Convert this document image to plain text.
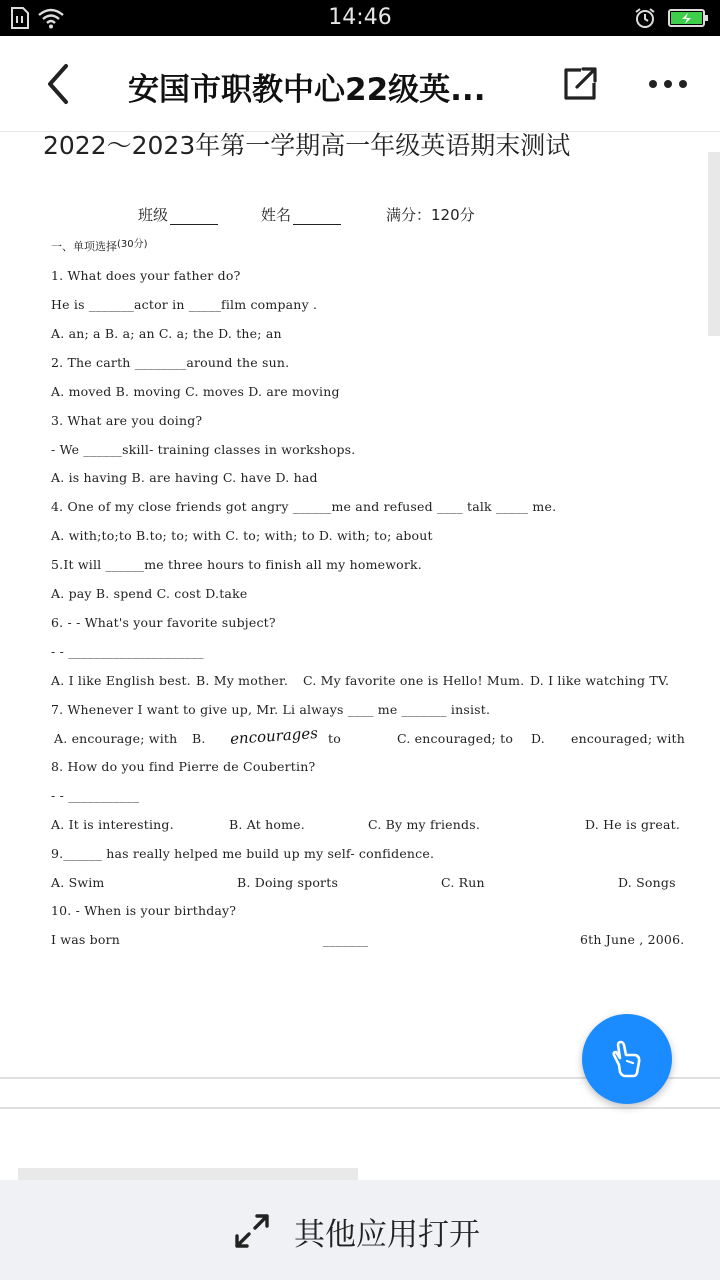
14:46
安国市职教中心22级英...
2022～2023年第一学期高一年级英语期末测试
班级	姓名	满分：120分
一、单项选择(30分)
1. What does your father do?
He is _______actor in _____film company .
A. an; a B. a; an C. a; the D. the; an
2. The carth ________around the sun.
A. moved B. moving C. moves D. are moving
3. What are you doing?
- We ______skill- training classes in workshops.
A. is having B. are having C. have D. had
4. One of my close friends got angry ______me and refused ____ talk _____ me.
A. with;to;to B.to; to; with C. to; with; to D. with; to; about
5.It will ______me three hours to finish all my homework.
A. pay B. spend C. cost D.take
6. - - What's your favorite subject?
- - _____________________
A. I like English best. B. My mother. C. My favorite one is Hello! Mum. D. I like watching TV.
7. Whenever I want to give up, Mr. Li always ____ me _______ insist.
A. encourage; with B. encourages to	C. encouraged; to D. encouraged; with
8. How do you find Pierre de Coubertin?
- - ___________
A. It is interesting.	B. At home.	C. By my friends.	D. He is great.
9.______ has really helped me build up my self- confidence.
A. Swim	B. Doing sports	C. Run	D. Songs
10. - When is your birthday?
I was born	_______	6th June , 2006.
其他应用打开
